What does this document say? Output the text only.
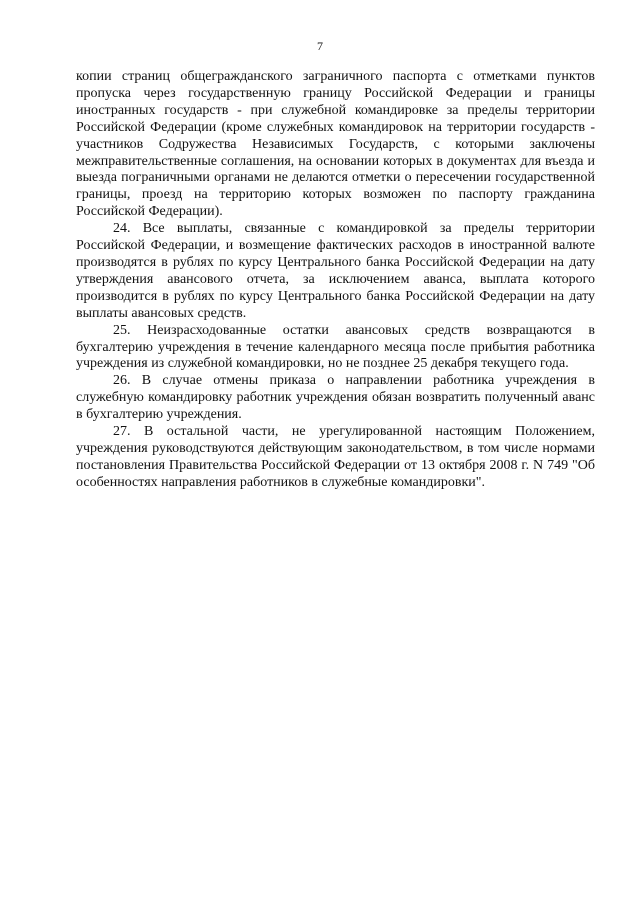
7

копии страниц общегражданского заграничного паспорта с отметками пунктов пропуска через государственную границу Российской Федерации и границы иностранных государств - при служебной командировке за пределы территории Российской Федерации (кроме служебных командировок на территории государств - участников Содружества Независимых Государств, с которыми заключены межправительственные соглашения, на основании которых в документах для въезда и выезда пограничными органами не делаются отметки о пересечении государственной границы, проезд на территорию которых возможен по паспорту гражданина Российской Федерации).

24. Все выплаты, связанные с командировкой за пределы территории Российской Федерации, и возмещение фактических расходов в иностранной валюте производятся в рублях по курсу Центрального банка Российской Федерации на дату утверждения авансового отчета, за исключением аванса, выплата которого производится в рублях по курсу Центрального банка Российской Федерации на дату выплаты авансовых средств.

25. Неизрасходованные остатки авансовых средств возвращаются в бухгалтерию учреждения в течение календарного месяца после прибытия работника учреждения из служебной командировки, но не позднее 25 декабря текущего года.

26. В случае отмены приказа о направлении работника учреждения в служебную командировку работник учреждения обязан возвратить полученный аванс в бухгалтерию учреждения.

27. В остальной части, не урегулированной настоящим Положением, учреждения руководствуются действующим законодательством, в том числе нормами постановления Правительства Российской Федерации от 13 октября 2008 г. N 749 "Об особенностях направления работников в служебные командировки".
